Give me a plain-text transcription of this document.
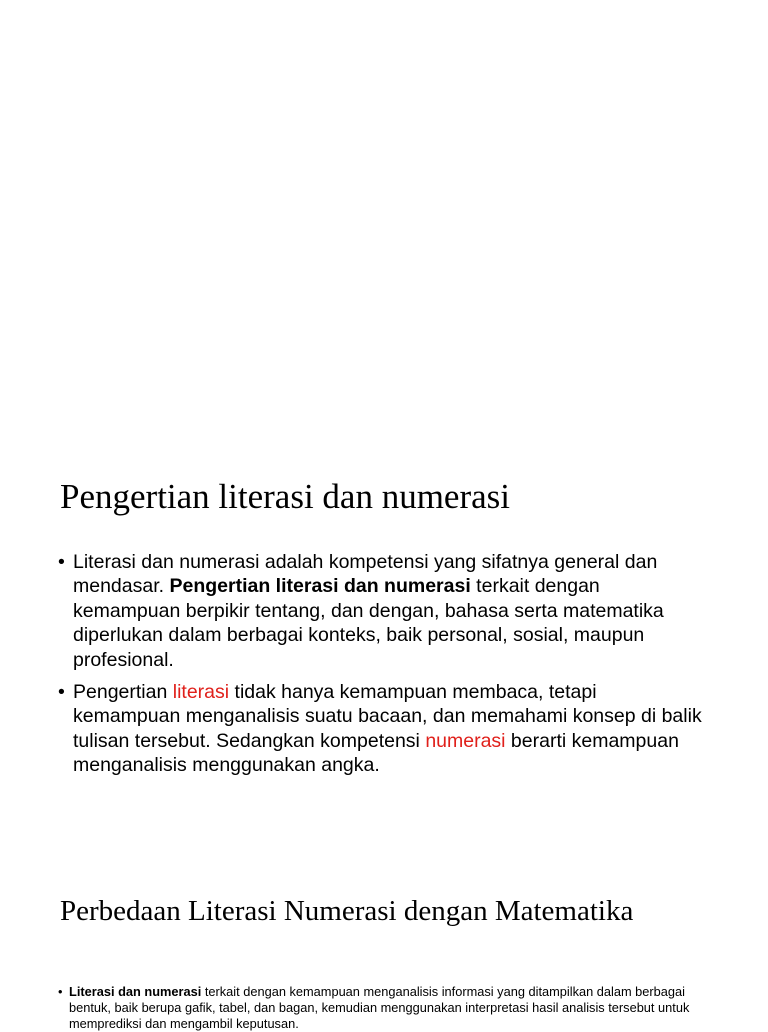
Pengertian literasi dan numerasi
• Literasi dan numerasi adalah kompetensi yang sifatnya general dan mendasar. Pengertian literasi dan numerasi terkait dengan kemampuan berpikir tentang, dan dengan, bahasa serta matematika diperlukan dalam berbagai konteks, baik personal, sosial, maupun profesional.
• Pengertian literasi tidak hanya kemampuan membaca, tetapi kemampuan menganalisis suatu bacaan, dan memahami konsep di balik tulisan tersebut. Sedangkan kompetensi numerasi berarti kemampuan menganalisis menggunakan angka.
Perbedaan Literasi Numerasi dengan Matematika
• Literasi dan numerasi terkait dengan kemampuan menganalisis informasi yang ditampilkan dalam berbagai bentuk, baik berupa gafik, tabel, dan bagan, kemudian menggunakan interpretasi hasil analisis tersebut untuk memprediksi dan mengambil keputusan.
